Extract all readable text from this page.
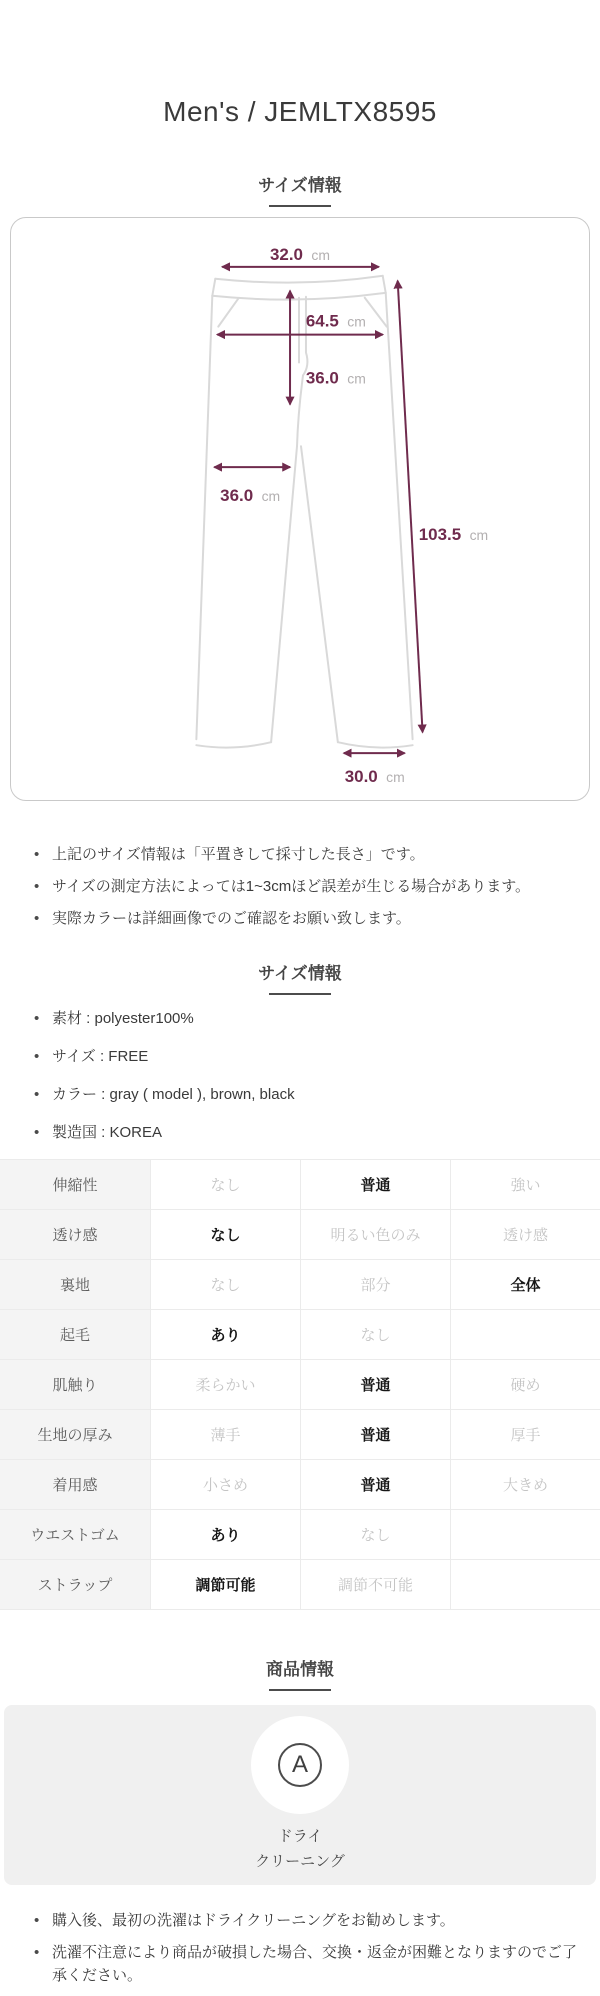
Men's / JEMLTX8595
サイズ情報
32.0 cm
64.5 cm
36.0 cm
36.0 cm
103.5 cm
30.0 cm
• 上記のサイズ情報は「平置きして採寸した長さ」です。
• サイズの測定方法によっては1~3cmほど誤差が生じる場合があります。
• 実際カラーは詳細画像でのご確認をお願い致します。
サイズ情報
• 素材 : polyester100%
• サイズ : FREE
• カラー : gray ( model ), brown, black
• 製造国 : KOREA
伸縮性	なし	普通	強い
透け感	なし	明るい色のみ	透け感
裏地	なし	部分	全体
起毛	あり	なし
肌触り	柔らかい	普通	硬め
生地の厚み	薄手	普通	厚手
着用感	小さめ	普通	大きめ
ウエストゴム	あり	なし
ストラップ	調節可能	調節不可能
商品情報
A
ドライ
クリーニング
• 購入後、最初の洗濯はドライクリーニングをお勧めします。
• 洗濯不注意により商品が破損した場合、交換・返金が困難となりますのでご了承ください。
